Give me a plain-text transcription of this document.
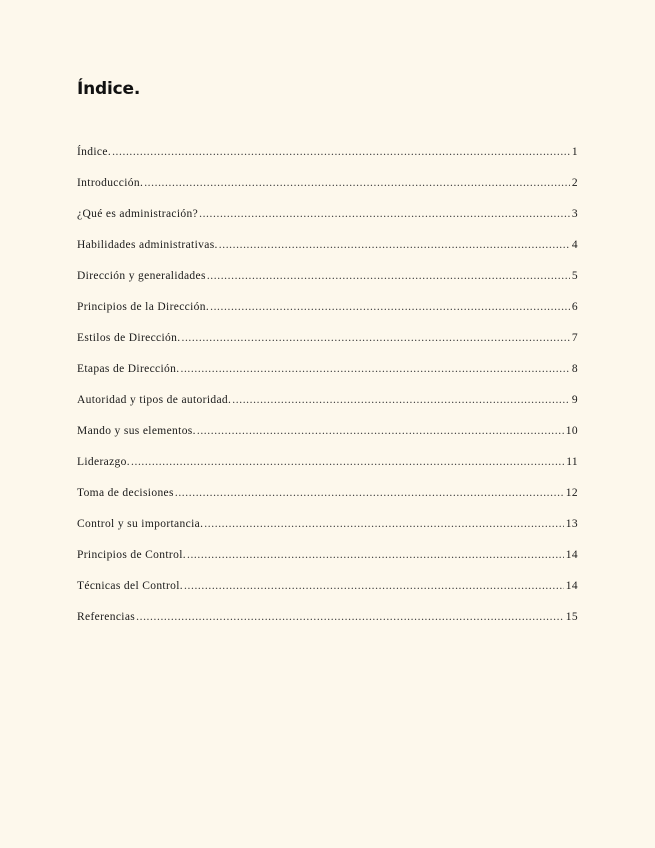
Índice.
Índice. .....	1
Introducción. .....	2
¿Qué es administración? .....	3
Habilidades administrativas. .....	4
Dirección y generalidades .....	5
Principios de la Dirección. .....	6
Estilos de Dirección. .....	7
Etapas de Dirección. .....	8
Autoridad y tipos de autoridad. .....	9
Mando y sus elementos. .....	10
Liderazgo. .....	11
Toma de decisiones .....	12
Control y su importancia. .....	13
Principios de Control. .....	14
Técnicas del Control. .....	14
Referencias .....	15
